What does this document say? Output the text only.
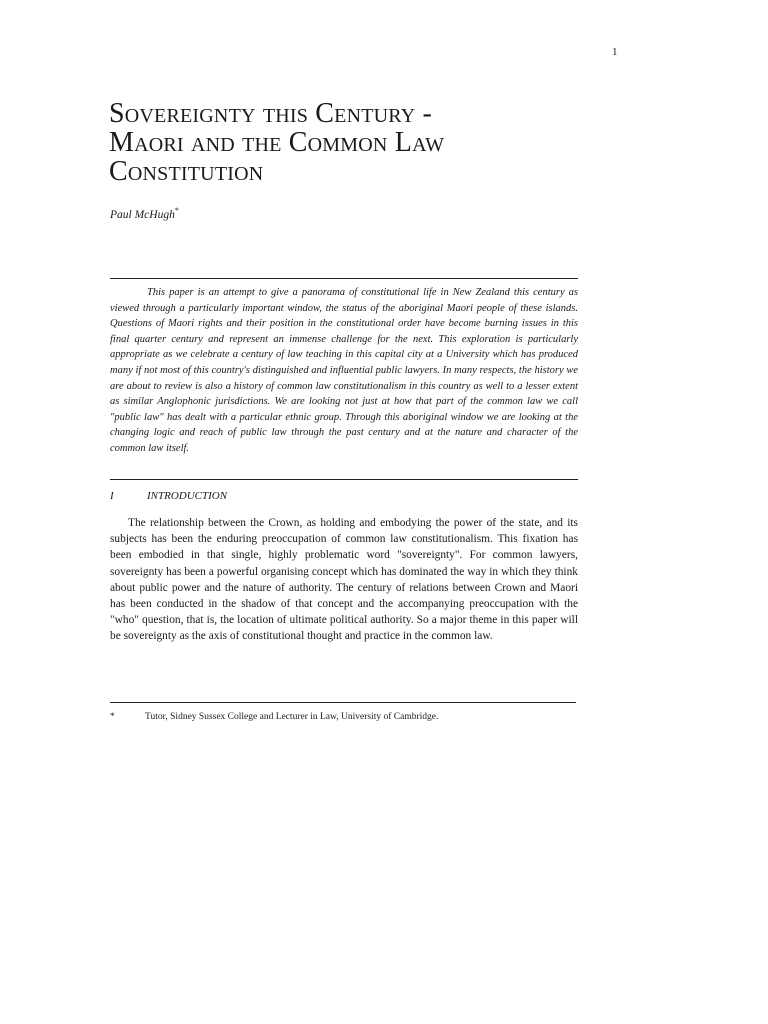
1
Sovereignty this Century -
Maori and the Common Law
Constitution
Paul McHugh*

This paper is an attempt to give a panorama of constitutional life in New Zealand this century as viewed through a particularly important window, the status of the aboriginal Maori people of these islands. Questions of Maori rights and their position in the constitutional order have become burning issues in this final quarter century and represent an immense challenge for the next. This exploration is particularly appropriate as we celebrate a century of law teaching in this capital city at a University which has produced many if not most of this country's distinguished and influential public lawyers. In many respects, the history we are about to review is also a history of common law constitutionalism in this country as well to a lesser extent as similar Anglophonic jurisdictions. We are looking not just at how that part of the common law we call "public law" has dealt with a particular ethnic group. Through this aboriginal window we are looking at the changing logic and reach of public law through the past century and at the nature and character of the common law itself.

I	INTRODUCTION

The relationship between the Crown, as holding and embodying the power of the state, and its subjects has been the enduring preoccupation of common law constitutionalism. This fixation has been embodied in that single, highly problematic word "sovereignty". For common lawyers, sovereignty has been a powerful organising concept which has dominated the way in which they think about public power and the nature of authority. The century of relations between Crown and Maori has been conducted in the shadow of that concept and the accompanying preoccupation with the "who" question, that is, the location of ultimate political authority. So a major theme in this paper will be sovereignty as the axis of constitutional thought and practice in the common law.

*	Tutor, Sidney Sussex College and Lecturer in Law, University of Cambridge.
